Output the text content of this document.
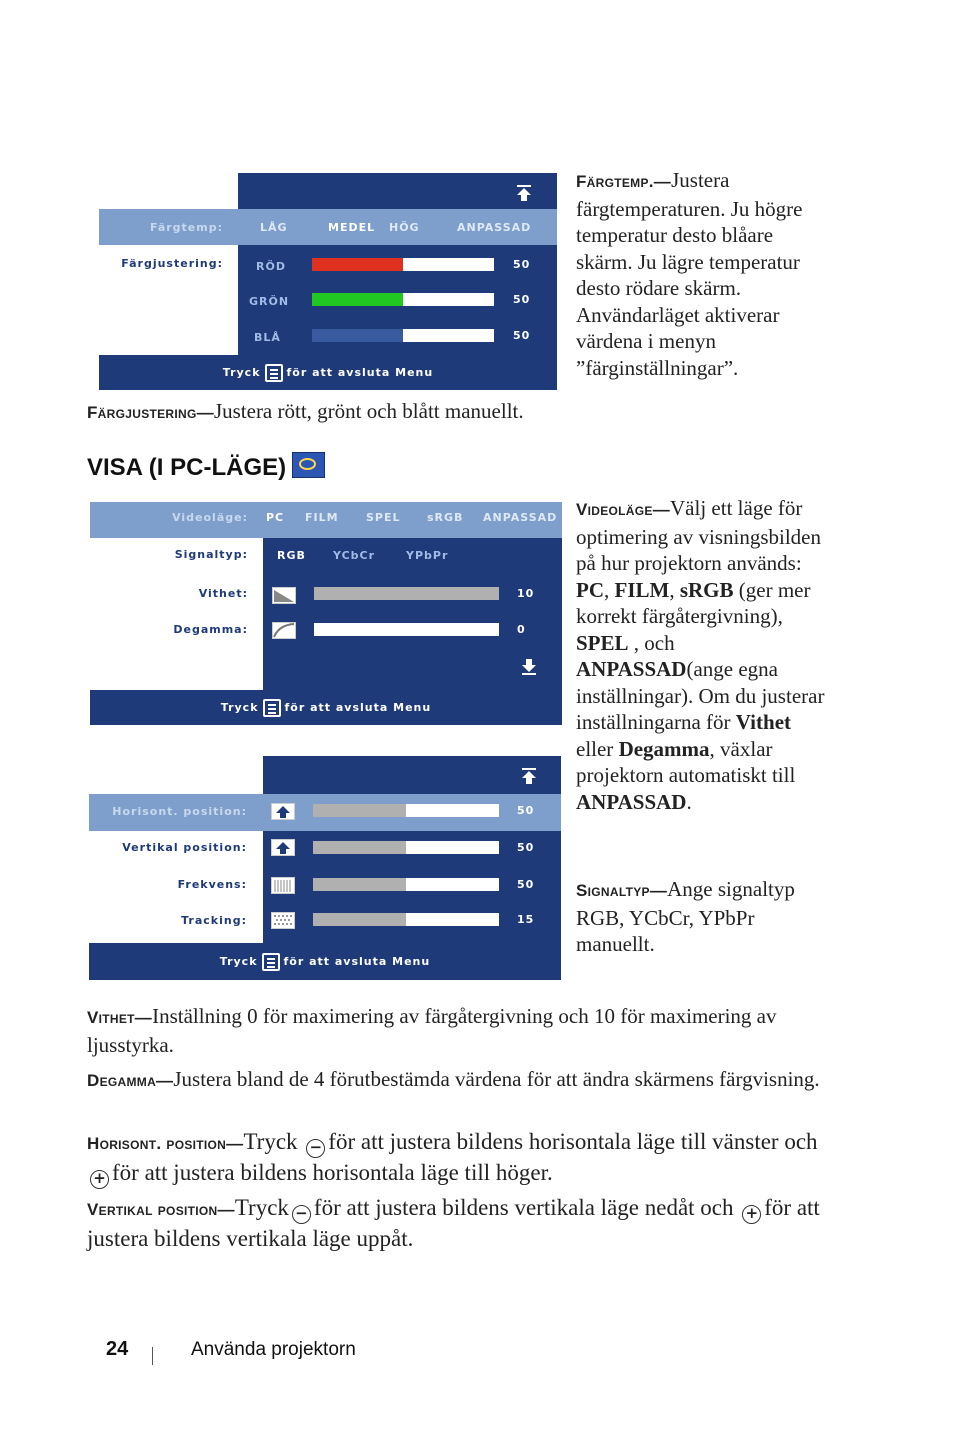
Färgtemp:	LÅG	MEDEL HÖG	ANPASSAD
Färgjustering:	RÖD	50
GRÖN	50
BLÅ	50
Tryck för att avsluta Menu
Färgtemp.—Justera färgtemperaturen. Ju högre temperatur desto blåare skärm. Ju lägre temperatur desto rödare skärm. Användarläget aktiverar värdena i menyn ”färginställningar”.
Färgjustering—Justera rött, grönt och blått manuellt.
VISA (I PC-LÄGE)
Videoläge: PC FILM SPEL sRGB ANPASSAD
Signaltyp:	RGB YCbCr	YPbPr
Vithet:	10
Degamma:	0
Tryck för att avsluta Menu
Horisont. position:	50
Vertikal position:	50
Frekvens:	50
Tracking:	15
Tryck för att avsluta Menu
Videoläge—Välj ett läge för optimering av visningsbilden på hur projektorn används: PC, FILM, sRGB (ger mer korrekt färgåtergivning), SPEL , och ANPASSAD(ange egna inställningar). Om du justerar inställningarna för Vithet eller Degamma, växlar projektorn automatiskt till ANPASSAD.
Signaltyp—Ange signaltyp RGB, YCbCr, YPbPr manuellt.
Vithet—Inställning 0 för maximering av färgåtergivning och 10 för maximering av ljusstyrka.
Degamma—Justera bland de 4 förutbestämda värdena för att ändra skärmens färgvisning.
Horisont. position—Tryck − för att justera bildens horisontala läge till vänster och + för att justera bildens horisontala läge till höger.
Vertikal position—Tryck − för att justera bildens vertikala läge nedåt och + för att justera bildens vertikala läge uppåt.
24	Använda projektorn
